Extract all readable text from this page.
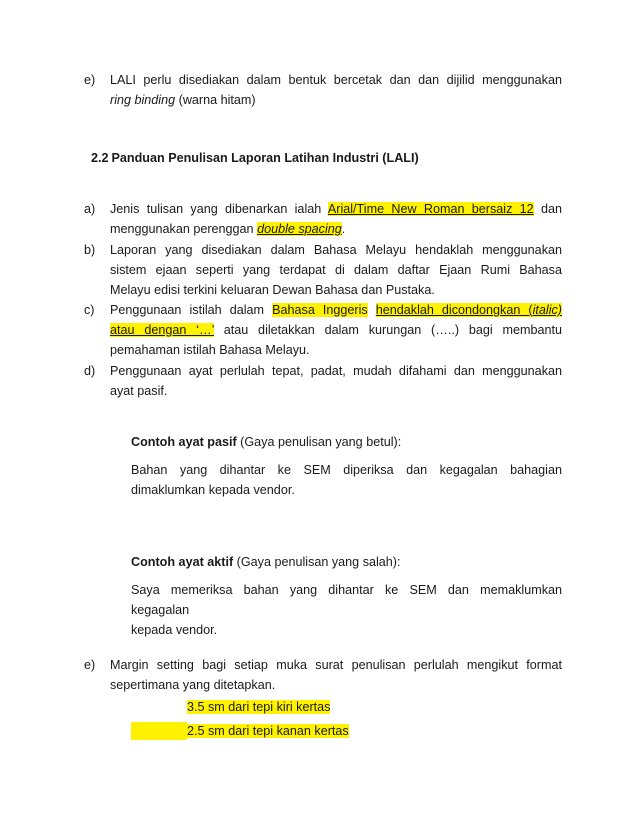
e) LALI perlu disediakan dalam bentuk bercetak dan dan dijilid menggunakan
ring binding (warna hitam)
2.2 Panduan Penulisan Laporan Latihan Industri (LALI)
a) Jenis tulisan yang dibenarkan ialah Arial/Time New Roman bersaiz 12 dan
menggunakan perenggan double spacing.
b) Laporan yang disediakan dalam Bahasa Melayu hendaklah menggunakan
sistem ejaan seperti yang terdapat di dalam daftar Ejaan Rumi Bahasa
Melayu edisi terkini keluaran Dewan Bahasa dan Pustaka.
c) Penggunaan istilah dalam Bahasa Inggeris hendaklah dicondongkan (italic)
atau dengan ‘…’ atau diletakkan dalam kurungan (…..) bagi membantu
pemahaman istilah Bahasa Melayu.
d) Penggunaan ayat perlulah tepat, padat, mudah difahami dan menggunakan
ayat pasif.
Contoh ayat pasif (Gaya penulisan yang betul):
Bahan yang dihantar ke SEM diperiksa dan kegagalan bahagian
dimaklumkan kepada vendor.
Contoh ayat aktif (Gaya penulisan yang salah):
Saya memeriksa bahan yang dihantar ke SEM dan memaklumkan kegagalan
kepada vendor.
e) Margin setting bagi setiap muka surat penulisan perlulah mengikut format
sepertimana yang ditetapkan.
3.5 sm dari tepi kiri kertas
2.5 sm dari tepi kanan kertas
